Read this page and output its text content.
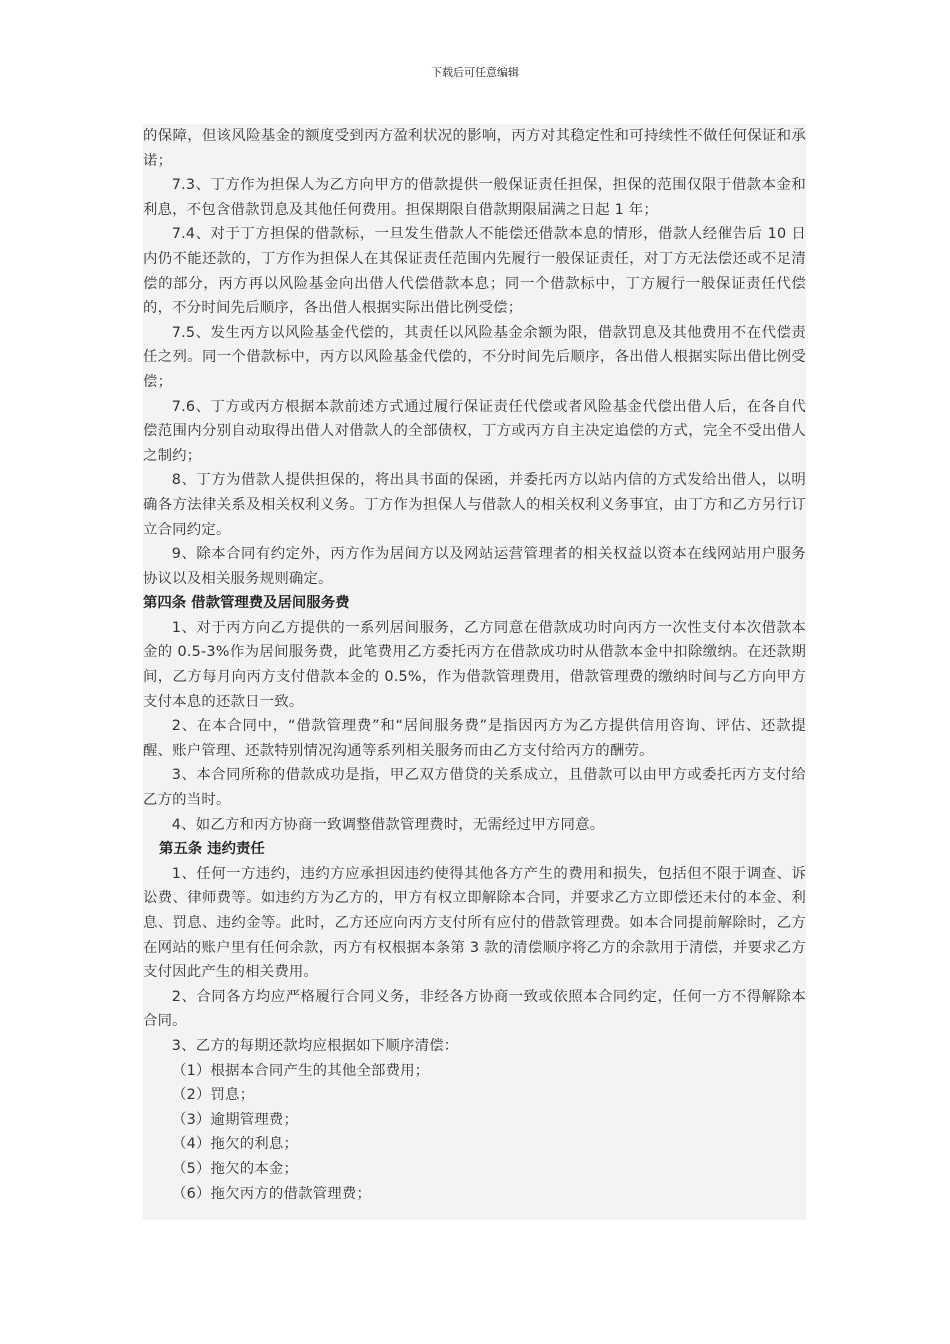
下载后可任意编辑

的保障，但该风险基金的额度受到丙方盈利状况的影响，丙方对其稳定性和可持续性不做任何保证和承诺；

7.3、丁方作为担保人为乙方向甲方的借款提供一般保证责任担保，担保的范围仅限于借款本金和利息，不包含借款罚息及其他任何费用。担保期限自借款期限届满之日起 1 年；

7.4、对于丁方担保的借款标，一旦发生借款人不能偿还借款本息的情形，借款人经催告后 10 日内仍不能还款的，丁方作为担保人在其保证责任范围内先履行一般保证责任，对丁方无法偿还或不足清偿的部分，丙方再以风险基金向出借人代偿借款本息；同一个借款标中，丁方履行一般保证责任代偿的，不分时间先后顺序，各出借人根据实际出借比例受偿；

7.5、发生丙方以风险基金代偿的，其责任以风险基金余额为限，借款罚息及其他费用不在代偿责任之列。同一个借款标中，丙方以风险基金代偿的，不分时间先后顺序，各出借人根据实际出借比例受偿；

7.6、丁方或丙方根据本款前述方式通过履行保证责任代偿或者风险基金代偿出借人后，在各自代偿范围内分别自动取得出借人对借款人的全部债权，丁方或丙方自主决定追偿的方式，完全不受出借人之制约；

8、丁方为借款人提供担保的，将出具书面的保函，并委托丙方以站内信的方式发给出借人，以明确各方法律关系及相关权利义务。丁方作为担保人与借款人的相关权利义务事宜，由丁方和乙方另行订立合同约定。

9、除本合同有约定外，丙方作为居间方以及网站运营管理者的相关权益以资本在线网站用户服务协议以及相关服务规则确定。

第四条 借款管理费及居间服务费

1、对于丙方向乙方提供的一系列居间服务，乙方同意在借款成功时向丙方一次性支付本次借款本金的 0.5-3%作为居间服务费，此笔费用乙方委托丙方在借款成功时从借款本金中扣除缴纳。在还款期间，乙方每月向丙方支付借款本金的 0.5%，作为借款管理费用，借款管理费的缴纳时间与乙方向甲方支付本息的还款日一致。

2、在本合同中，“借款管理费”和“居间服务费”是指因丙方为乙方提供信用咨询、评估、还款提醒、账户管理、还款特别情况沟通等系列相关服务而由乙方支付给丙方的酬劳。

3、本合同所称的借款成功是指，甲乙双方借贷的关系成立，且借款可以由甲方或委托丙方支付给乙方的当时。

4、如乙方和丙方协商一致调整借款管理费时，无需经过甲方同意。

第五条 违约责任

1、任何一方违约，违约方应承担因违约使得其他各方产生的费用和损失，包括但不限于调查、诉讼费、律师费等。如违约方为乙方的，甲方有权立即解除本合同，并要求乙方立即偿还未付的本金、利息、罚息、违约金等。此时，乙方还应向丙方支付所有应付的借款管理费。如本合同提前解除时，乙方在网站的账户里有任何余款，丙方有权根据本条第 3 款的清偿顺序将乙方的余款用于清偿，并要求乙方支付因此产生的相关费用。

2、合同各方均应严格履行合同义务，非经各方协商一致或依照本合同约定，任何一方不得解除本合同。

3、乙方的每期还款均应根据如下顺序清偿：

（1）根据本合同产生的其他全部费用；

（2）罚息；

（3）逾期管理费；

（4）拖欠的利息；

（5）拖欠的本金；

（6）拖欠丙方的借款管理费；
